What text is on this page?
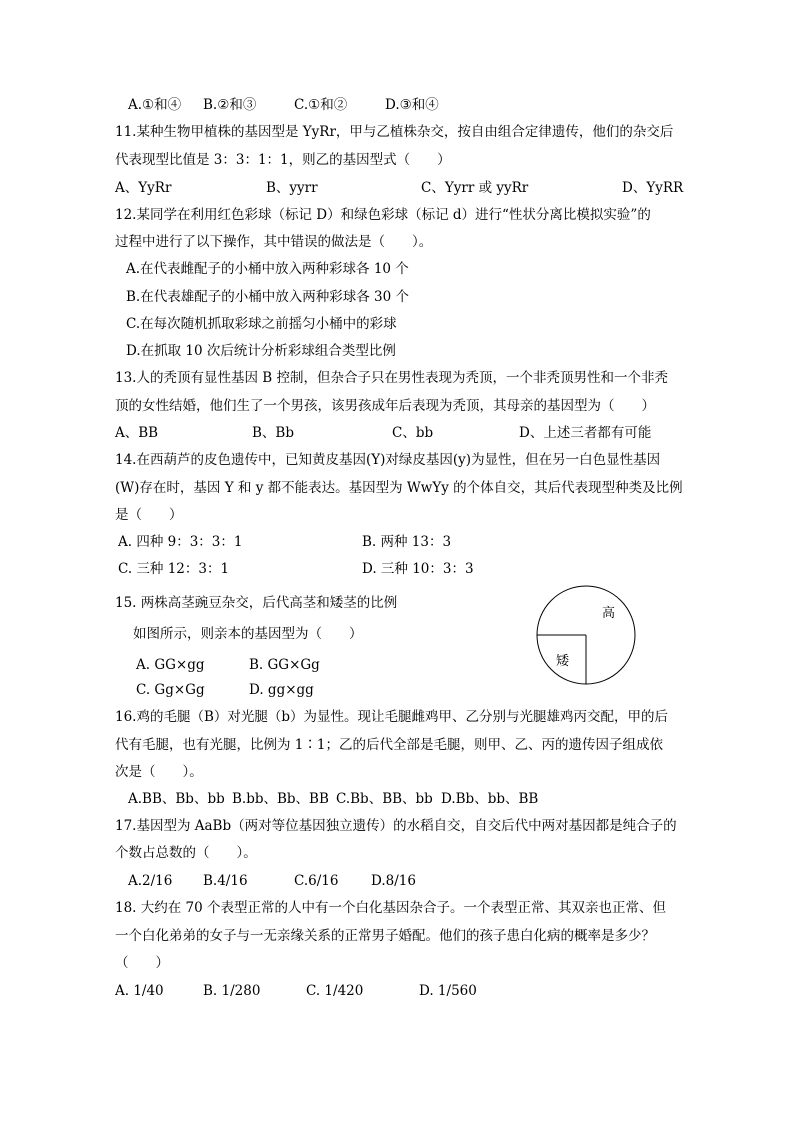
A.①和④ B.②和③	C.①和②	D.③和④
11.某种生物甲植株的基因型是 YyRr，甲与乙植株杂交，按自由组合定律遗传，他们的杂交后
代表现型比值是 3：3：1：1，则乙的基因型式（　　）
A、YyRr	B、yyrr	C、Yyrr 或 yyRr	D、YyRR
12.某同学在利用红色彩球（标记 D）和绿色彩球（标记 d）进行“性状分离比模拟实验”的
过程中进行了以下操作，其中错误的做法是（　　）。
A.在代表雌配子的小桶中放入两种彩球各 10 个
B.在代表雄配子的小桶中放入两种彩球各 30 个
C.在每次随机抓取彩球之前摇匀小桶中的彩球
D.在抓取 10 次后统计分析彩球组合类型比例
13.人的秃顶有显性基因 B 控制，但杂合子只在男性表现为秃顶，一个非秃顶男性和一个非秃
顶的女性结婚，他们生了一个男孩，该男孩成年后表现为秃顶，其母亲的基因型为（　　）
A、BB	B、Bb	C、bb	D、上述三者都有可能
14.在西葫芦的皮色遗传中，已知黄皮基因(Y)对绿皮基因(y)为显性，但在另一白色显性基因
(W)存在时，基因 Y 和 y 都不能表达。基因型为 WwYy 的个体自交，其后代表现型种类及比例
是（　　）
A. 四种 9：3：3：1	B. 两种 13：3
C. 三种 12：3：1	D. 三种 10：3：3
15. 两株高茎豌豆杂交，后代高茎和矮茎的比例
如图所示，则亲本的基因型为（　　）
A. GG×gg	B. GG×Gg
C. Gg×Gg	D. gg×gg
高
矮
16.鸡的毛腿（B）对光腿（b）为显性。现让毛腿雌鸡甲、乙分别与光腿雄鸡丙交配，甲的后
代有毛腿，也有光腿，比例为 1∶1；乙的后代全部是毛腿，则甲、乙、丙的遗传因子组成依
次是（　　）。
A.BB、Bb、bb B.bb、Bb、BB C.Bb、BB、bb D.Bb、bb、BB
17.基因型为 AaBb（两对等位基因独立遗传）的水稻自交，自交后代中两对基因都是纯合子的
个数占总数的（　　）。
A.2/16 B.4/16	C.6/16 D.8/16
18. 大约在 70 个表型正常的人中有一个白化基因杂合子。一个表型正常、其双亲也正常、但
一个白化弟弟的女子与一无亲缘关系的正常男子婚配。他们的孩子患白化病的概率是多少？
（　　）
A. 1/40	B. 1/280	C. 1/420	D. 1/560
